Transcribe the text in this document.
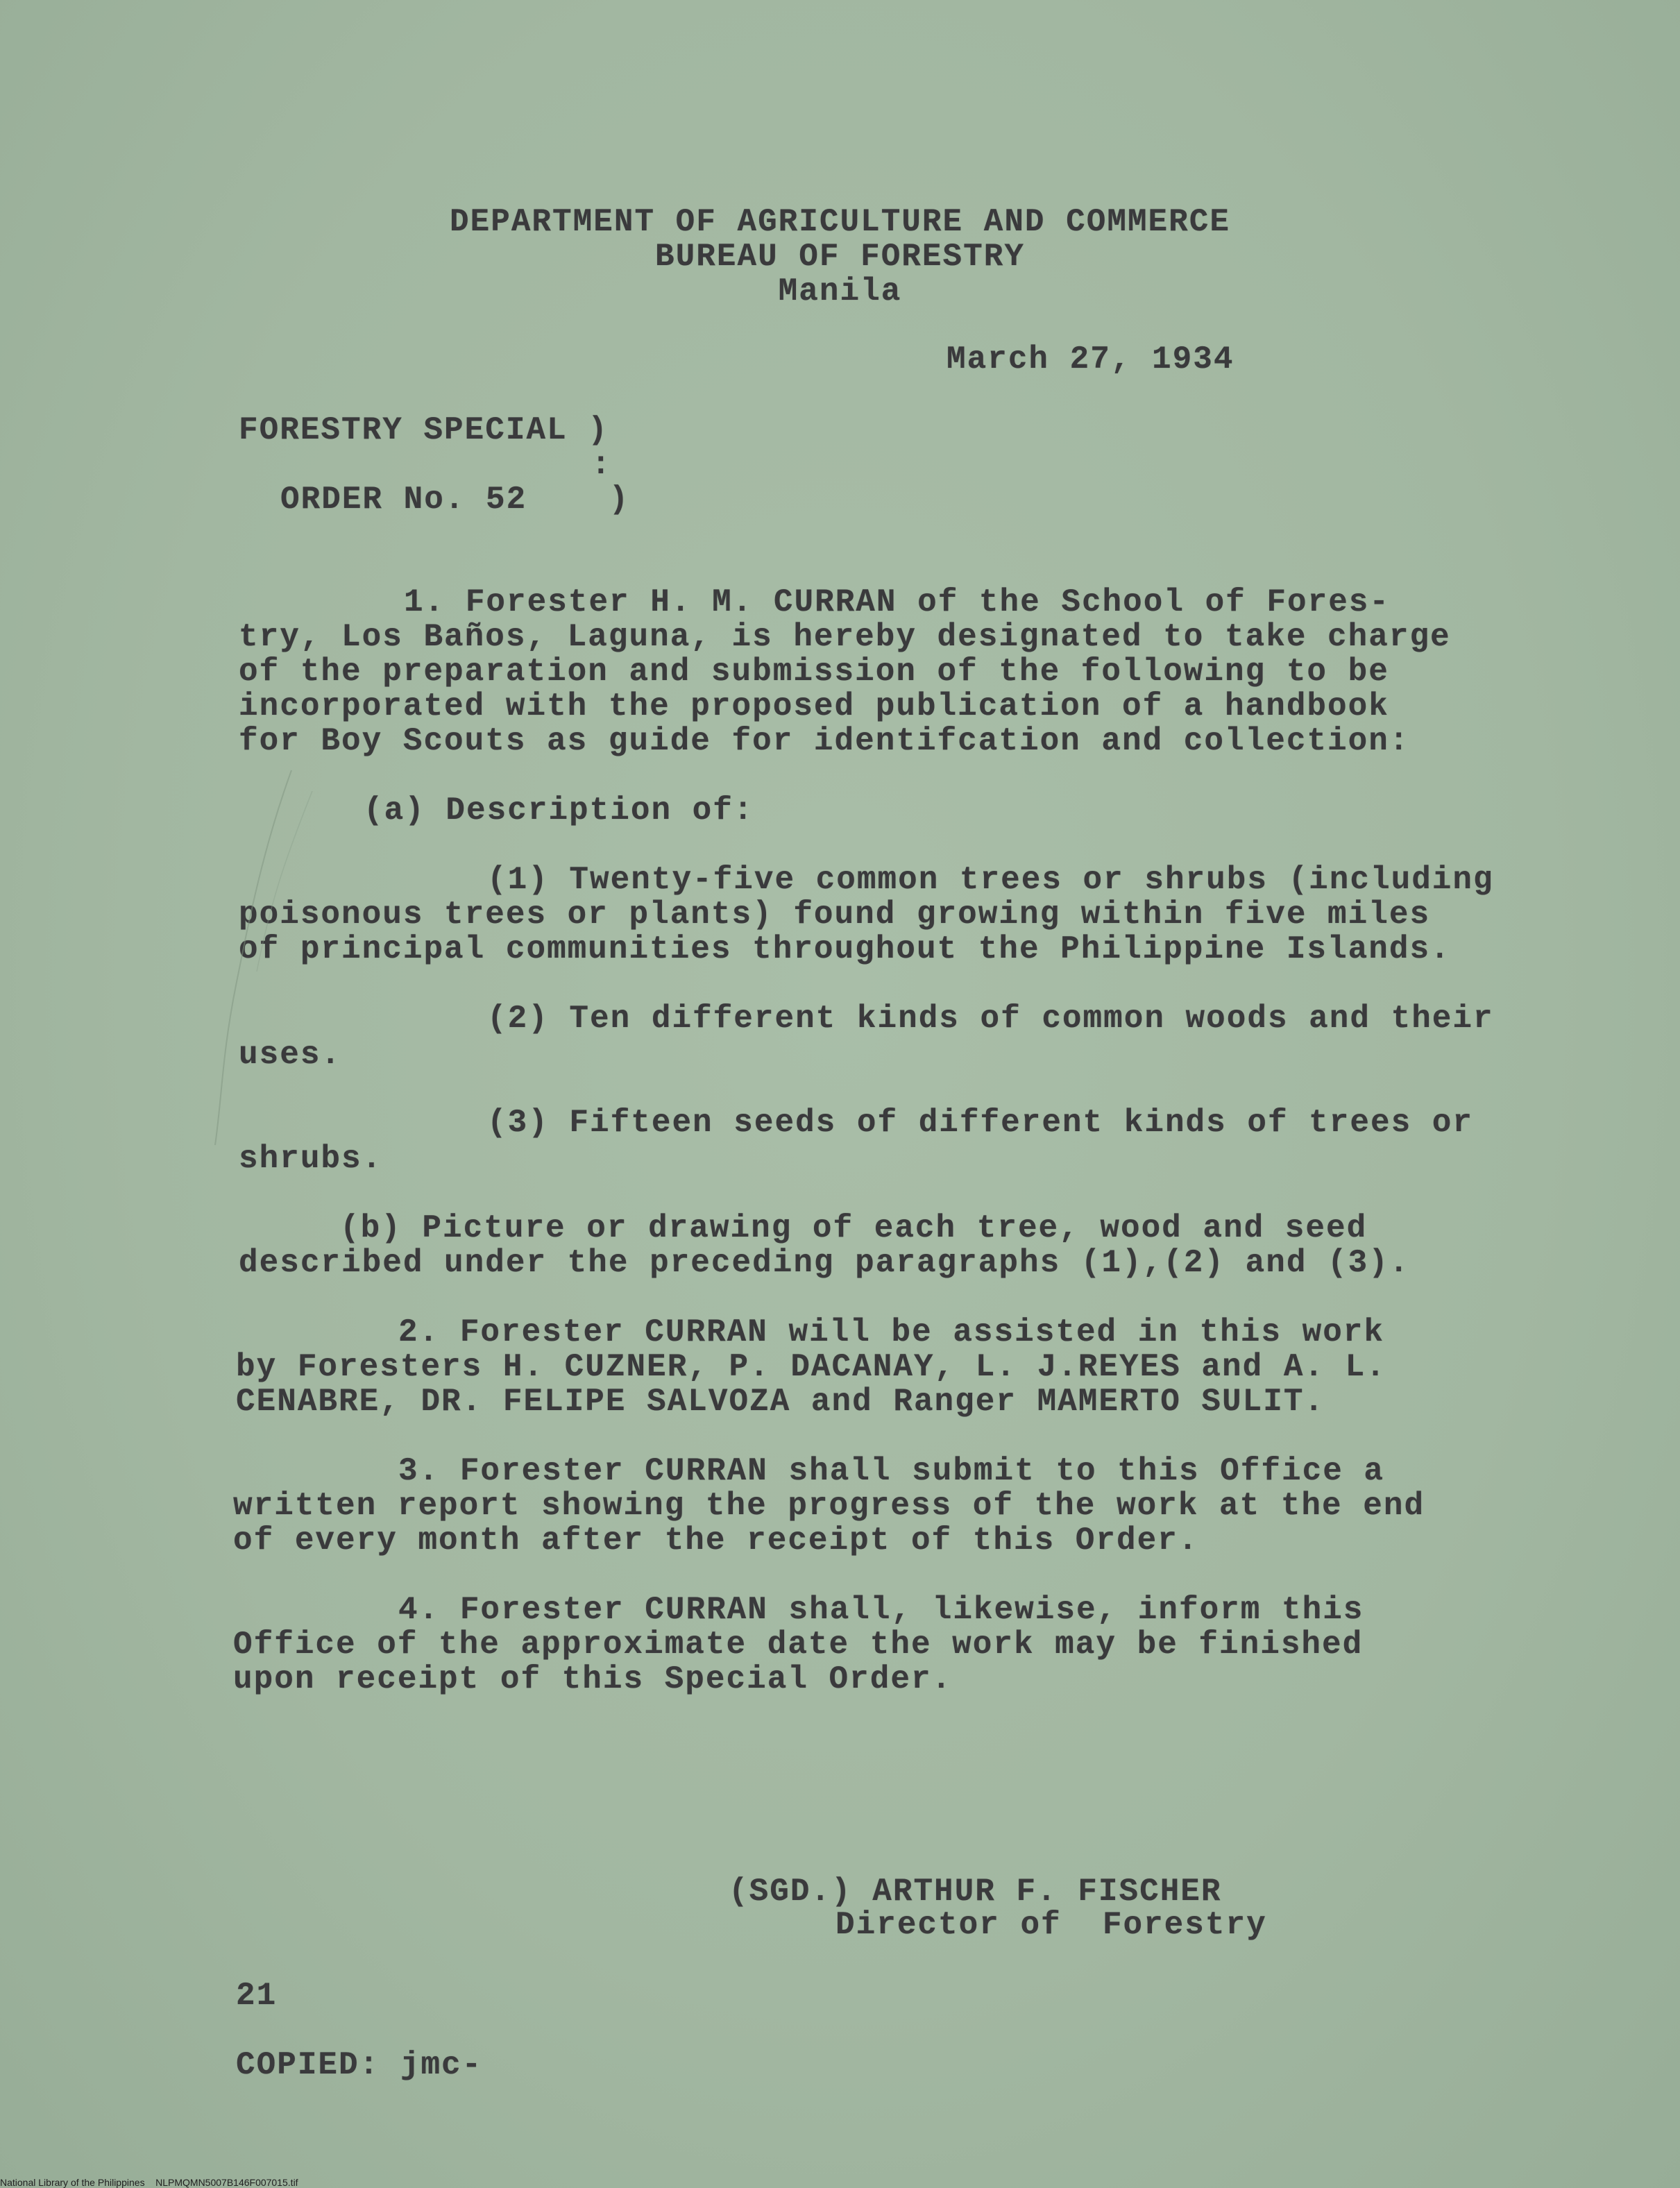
DEPARTMENT OF AGRICULTURE AND COMMERCE
BUREAU OF FORESTRY
Manila
March 27, 1934
FORESTRY SPECIAL )
:
ORDER No. 52    )
1. Forester H. M. CURRAN of the School of Fores-
try, Los Baños, Laguna, is hereby designated to take charge
of the preparation and submission of the following to be
incorporated with the proposed publication of a handbook
for Boy Scouts as guide for identifcation and collection:
(a) Description of:
(1) Twenty-five common trees or shrubs (including
poisonous trees or plants) found growing within five miles
of principal communities throughout the Philippine Islands.
(2) Ten different kinds of common woods and their
uses.
(3) Fifteen seeds of different kinds of trees or
shrubs.
(b) Picture or drawing of each tree, wood and seed
described under the preceding paragraphs (1),(2) and (3).
2. Forester CURRAN will be assisted in this work
by Foresters H. CUZNER, P. DACANAY, L. J.REYES and A. L.
CENABRE, DR. FELIPE SALVOZA and Ranger MAMERTO SULIT.
3. Forester CURRAN shall submit to this Office a
written report showing the progress of the work at the end
of every month after the receipt of this Order.
4. Forester CURRAN shall, likewise, inform this
Office of the approximate date the work may be finished
upon receipt of this Special Order.
(SGD.) ARTHUR F. FISCHER
Director of  Forestry
21
COPIED: jmc-
National Library of the Philippines    NLPMQMN5007B146F007015.tif
